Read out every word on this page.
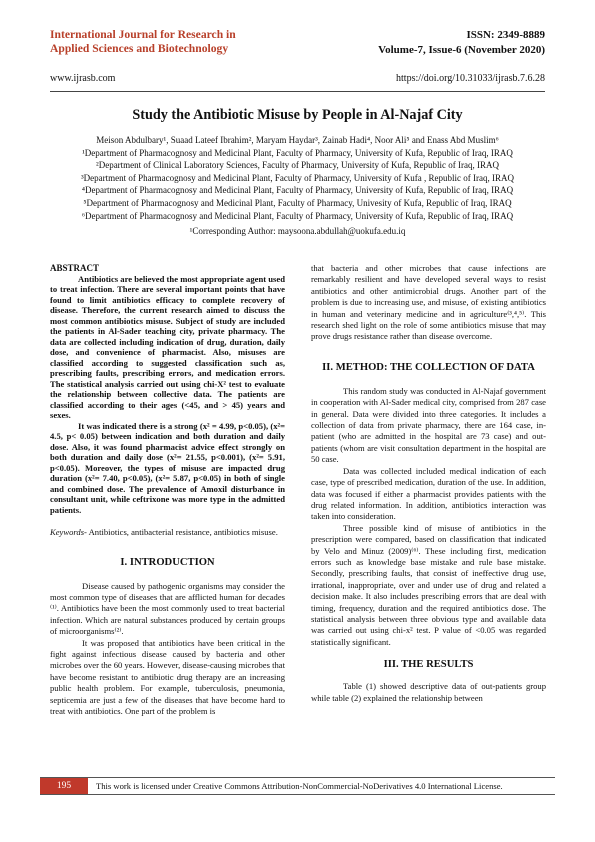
International Journal for Research in
Applied Sciences and Biotechnology
ISSN: 2349-8889
Volume-7, Issue-6 (November 2020)
www.ijrasb.com	https://doi.org/10.31033/ijrasb.7.6.28
Study the Antibiotic Misuse by People in Al-Najaf City
Meison Abdulbary¹, Suaad Lateef Ibrahim², Maryam Haydar³, Zainab Hadi⁴, Noor Ali⁵ and Enass Abd Muslim⁶
¹Department of Pharmacognosy and Medicinal Plant, Faculty of Pharmacy, University of Kufa, Republic of Iraq, IRAQ
²Department of Clinical Laboratory Sciences, Faculty of Pharmacy, University of Kufa, Republic of Iraq, IRAQ
³Department of Pharmacognosy and Medicinal Plant, Faculty of Pharmacy, University of Kufa , Republic of Iraq, IRAQ
⁴Department of Pharmacognosy and Medicinal Plant, Faculty of Pharmacy, University of Kufa, Republic of Iraq, IRAQ
⁵Department of Pharmacognosy and Medicinal Plant, Faculty of Pharmacy, Univesity of Kufa, Republic of Iraq, IRAQ
⁶Department of Pharmacognosy and Medicinal Plant, Faculty of Pharmacy, University of Kufa, Republic of Iraq, IRAQ
¹Corresponding Author: maysoona.abdullah@uokufa.edu.iq
ABSTRACT

Antibiotics are believed the most appropriate agent used to treat infection. There are several important points that have found to limit antibiotics efficacy to complete recovery of disease. Therefore, the current research aimed to discuss the most common antibiotics misuse. Subject of study are included the patients in Al-Sader teaching city, private pharmacy. The data are collected including indication of drug, duration, daily dose, and convenience of pharmacist. Also, misuses are classified according to suggested classification such as, prescribing faults, prescribing errors, and medication errors. The statistical analysis carried out using chi-X² test to evaluate the relationship between collective data. The patients are classified according to their ages (<45, and > 45) years and sexes.

It was indicated there is a strong (x² = 4.99, p<0.05), (x²= 4.5, p< 0.05) between indication and both duration and daily dose. Also, it was found pharmacist advice effect strongly on both duration and daily dose (x²= 21.55, p<0.001), (x²= 5.91, p<0.05). Moreover, the types of misuse are impacted drug duration (x²= 7.40, p<0.05), (x²= 5.87, p<0.05) in both of single and combined dose. The prevalence of Amoxil disturbance in consultant unit, while ceftrixone was more type in the admitted patients.

Keywords- Antibiotics, antibacterial resistance, antibiotics misuse.
I. INTRODUCTION
Disease caused by pathogenic organisms may consider the most common type of diseases that are afflicted human for decades ⁽¹⁾. Antibiotics have been the most commonly used to treat bacterial infection. Which are natural substances produced by certain groups of microorganisms⁽²⁾.
It was proposed that antibiotics have been critical in the fight against infectious disease caused by bacteria and other microbes over the 60 years. However, disease-causing microbes that have become resistant to antibiotic drug therapy are an increasing public health problem. For example, tuberculosis, pneumonia, septicemia are just a few of the diseases that have become hard to treat with antibiotics. One part of the problem is
that bacteria and other microbes that cause infections are remarkably resilient and have developed several ways to resist antibiotics and other antimicrobial drugs. Another part of the problem is due to increasing use, and misuse, of existing antibiotics in human and veterinary medicine and in agriculture⁽³,⁴,⁵⁾. This research shed light on the role of some antibiotics misuse that may prove drugs resistance rather than disease overcome.
II. METHOD: THE COLLECTION OF DATA
This random study was conducted in Al-Najaf government in cooperation with Al-Sader medical city, comprised from 287 case in general. Data were divided into three categories. It includes a collection of data from private pharmacy, there are 164 case, in-patient (who are admitted in the hospital are 73 case) and out-patients (whom are visit consultation department in the hospital are 50 case.
Data was collected included medical indication of each case, type of prescribed medication, duration of the use. In addition, data was focused if either a pharmacist provides patients with the drug related information. In addition, antibiotics interaction was taken into consideration.
Three possible kind of misuse of antibiotics in the prescription were compared, based on classification that indicated by Velo and Minuz (2009)⁽⁶⁾. These including first, medication errors such as knowledge base mistake and rule base mistake. Secondly, prescribing faults, that consist of ineffective drug use, irrational, inappropriate, over and under use of drug and related a decision make. It also includes prescribing errors that are deal with timing, frequency, duration and the required antibiotics dose. The statistical analysis between three obvious type and available data was carried out using chi-x² test. P value of <0.05 was regarded statistically significant.
III. THE RESULTS
Table (1) showed descriptive data of out-patients group while table (2) explained the relationship between
195	This work is licensed under Creative Commons Attribution-NonCommercial-NoDerivatives 4.0 International License.
